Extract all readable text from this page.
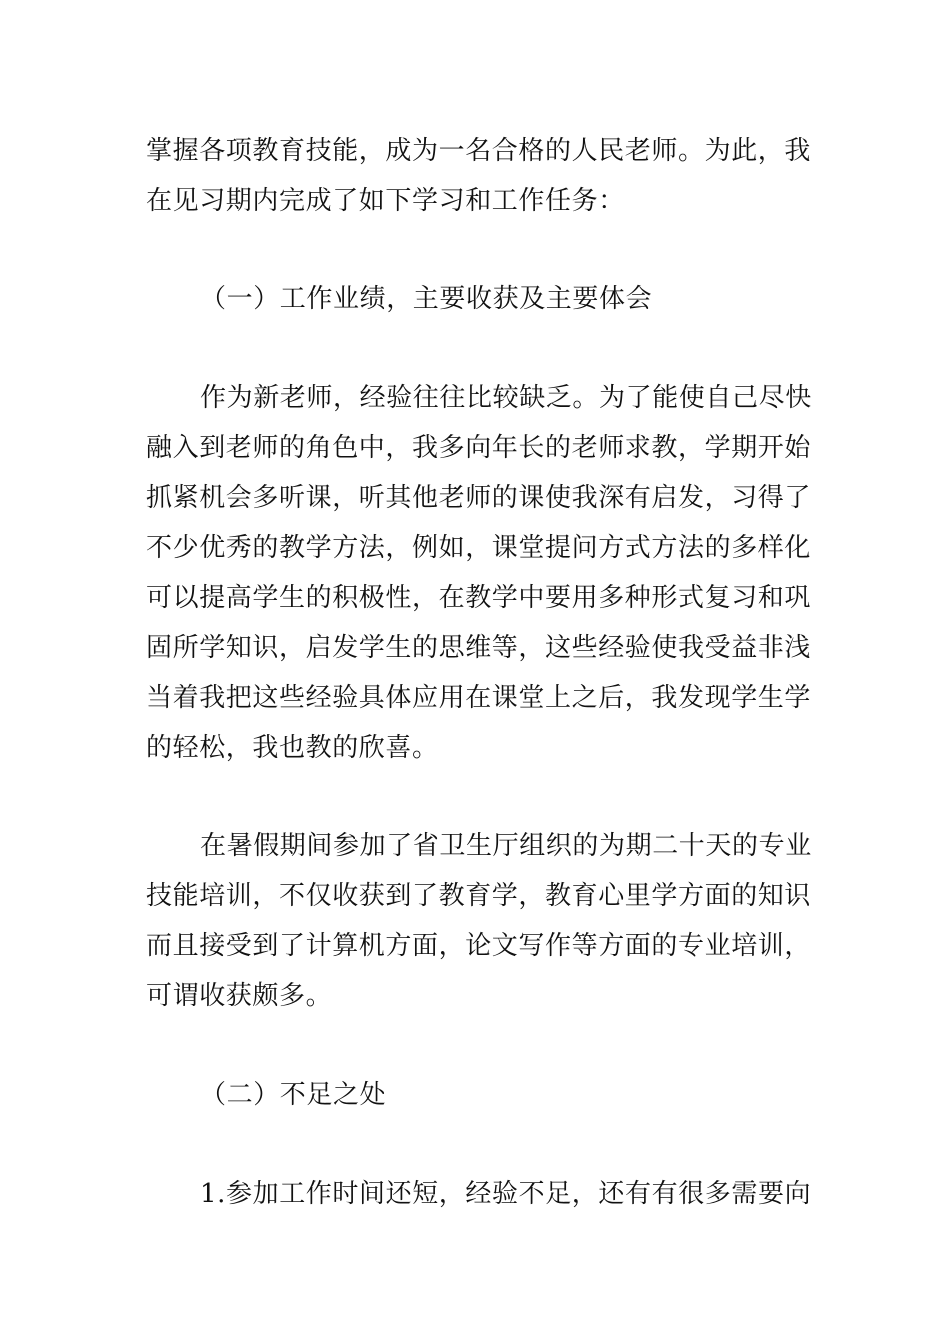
掌握各项教育技能，成为一名合格的人民老师。为此，我
在见习期内完成了如下学习和工作任务：
（一）工作业绩，主要收获及主要体会
作为新老师，经验往往比较缺乏。为了能使自己尽快
融入到老师的角色中，我多向年长的老师求教，学期开始
抓紧机会多听课，听其他老师的课使我深有启发，习得了
不少优秀的教学方法，例如，课堂提问方式方法的多样化
可以提高学生的积极性，在教学中要用多种形式复习和巩
固所学知识，启发学生的思维等，这些经验使我受益非浅
当着我把这些经验具体应用在课堂上之后，我发现学生学
的轻松，我也教的欣喜。
在暑假期间参加了省卫生厅组织的为期二十天的专业
技能培训，不仅收获到了教育学，教育心里学方面的知识
而且接受到了计算机方面，论文写作等方面的专业培训，
可谓收获颇多。
（二）不足之处
1.参加工作时间还短，经验不足，还有有很多需要向
